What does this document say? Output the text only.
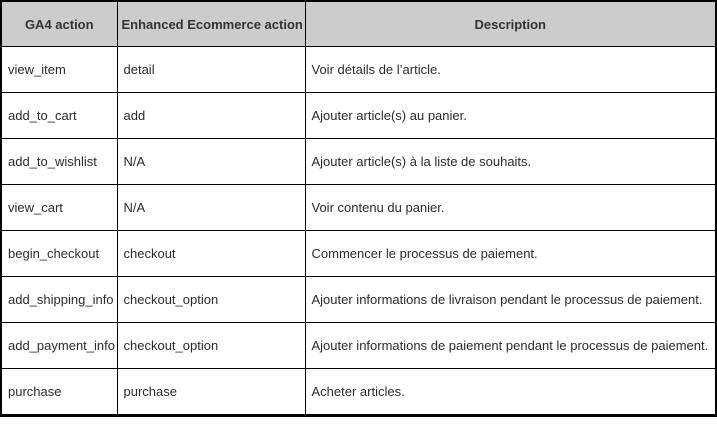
GA4 action	Enhanced Ecommerce action	Description
view_item	detail	Voir détails de l’article.
add_to_cart	add	Ajouter article(s) au panier.
add_to_wishlist	N/A	Ajouter article(s) à la liste de souhaits.
view_cart	N/A	Voir contenu du panier.
begin_checkout	checkout	Commencer le processus de paiement.
add_shipping_info	checkout_option	Ajouter informations de livraison pendant le processus de paiement.
add_payment_info	checkout_option	Ajouter informations de paiement pendant le processus de paiement.
purchase	purchase	Acheter articles.
